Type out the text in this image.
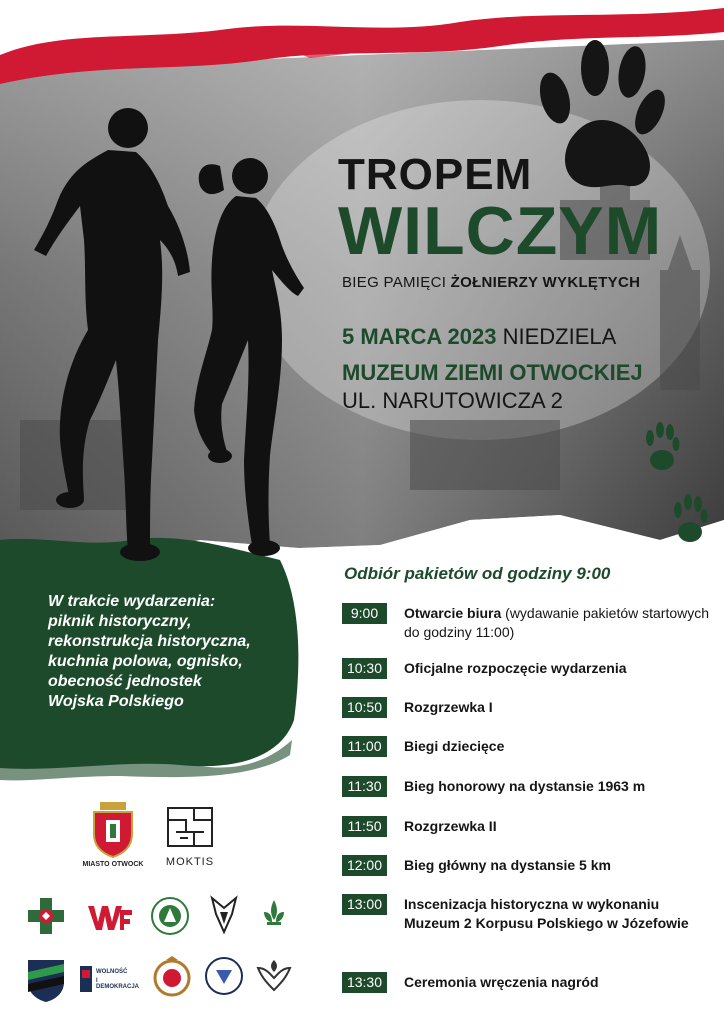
TROPEM
WILCZYM
BIEG PAMIĘCI ŻOŁNIERZY WYKLĘTYCH
5 MARCA 2023 NIEDZIELA
MUZEUM ZIEMI OTWOCKIEJ
UL. NARUTOWICZA 2
W trakcie wydarzenia:
piknik historyczny,
rekonstrukcja historyczna,
kuchnia polowa, ognisko,
obecność jednostek
Wojska Polskiego
Odbiór pakietów od godziny 9:00
9:00	Otwarcie biura (wydawanie pakietów startowych do godziny 11:00)
10:30	Oficjalne rozpoczęcie wydarzenia
10:50	Rozgrzewka I
11:00	Biegi dziecięce
11:30	Bieg honorowy na dystansie 1963 m
11:50	Rozgrzewka II
12:00	Bieg główny na dystansie 5 km
13:00	Inscenizacja historyczna w wykonaniu Muzeum 2 Korpusu Polskiego w Józefowie
13:30	Ceremonia wręczenia nagród
MIASTO OTWOCK	MOKTIS
WOLNOŚĆ
I DEMOKRACJA
